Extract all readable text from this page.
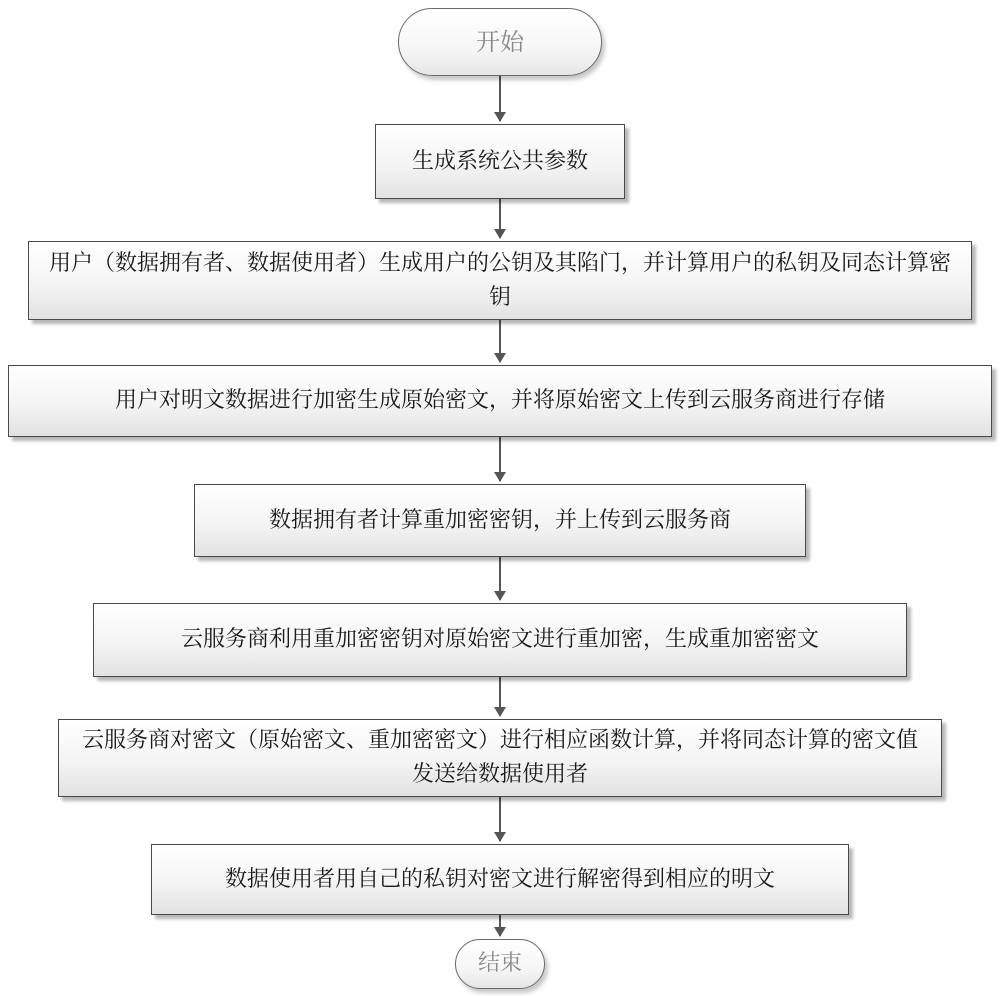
开始
生成系统公共参数
用户（数据拥有者、数据使用者）生成用户的公钥及其陷门，并计算用户的私钥及同态计算密钥
用户对明文数据进行加密生成原始密文，并将原始密文上传到云服务商进行存储
数据拥有者计算重加密密钥，并上传到云服务商
云服务商利用重加密密钥对原始密文进行重加密，生成重加密密文
云服务商对密文（原始密文、重加密密文）进行相应函数计算，并将同态计算的密文值发送给数据使用者
数据使用者用自己的私钥对密文进行解密得到相应的明文
结束
